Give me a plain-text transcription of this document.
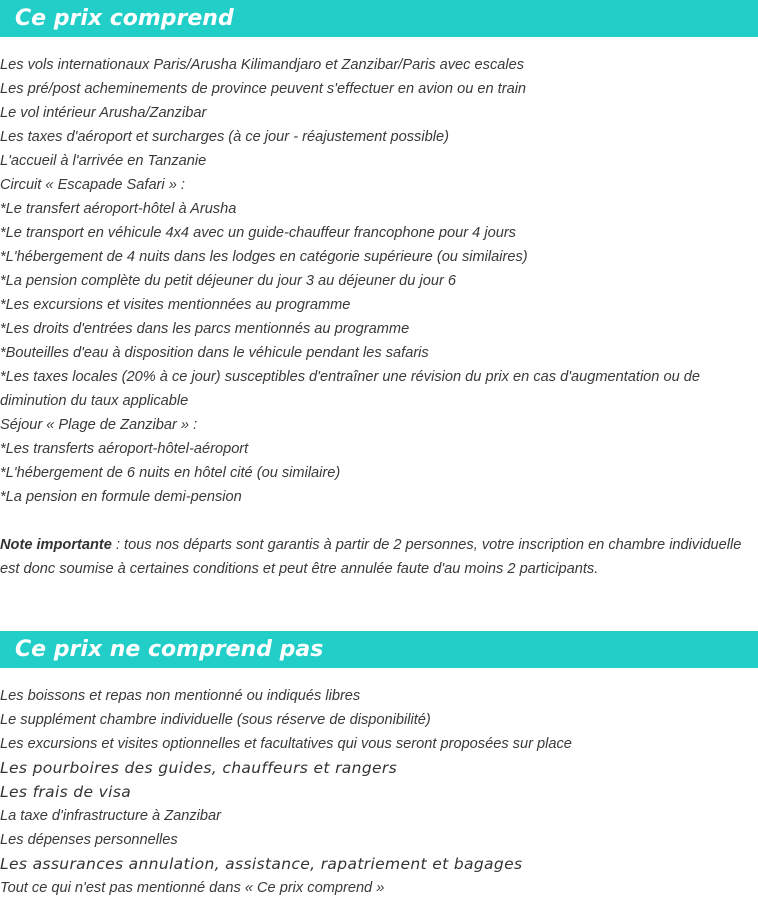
Ce prix comprend
Les vols internationaux Paris/Arusha Kilimandjaro et Zanzibar/Paris avec escales
Les pré/post acheminements de province peuvent s'effectuer en avion ou en train
Le vol intérieur Arusha/Zanzibar
Les taxes d'aéroport et surcharges (à ce jour - réajustement possible)
L'accueil à l'arrivée en Tanzanie
Circuit « Escapade Safari » :
*Le transfert aéroport-hôtel à Arusha
*Le transport en véhicule 4x4 avec un guide-chauffeur francophone pour 4 jours
*L'hébergement de 4 nuits dans les lodges en catégorie supérieure (ou similaires)
*La pension complète du petit déjeuner du jour 3 au déjeuner du jour 6
*Les excursions et visites mentionnées au programme
*Les droits d'entrées dans les parcs mentionnés au programme
*Bouteilles d'eau à disposition dans le véhicule pendant les safaris
*Les taxes locales (20% à ce jour) susceptibles d'entraîner une révision du prix en cas d'augmentation ou de diminution du taux applicable
Séjour « Plage de Zanzibar » :
*Les transferts aéroport-hôtel-aéroport
*L'hébergement de 6 nuits en hôtel cité (ou similaire)
*La pension en formule demi-pension
Note importante : tous nos départs sont garantis à partir de 2 personnes, votre inscription en chambre individuelle est donc soumise à certaines conditions et peut être annulée faute d'au moins 2 participants.
Ce prix ne comprend pas
Les boissons et repas non mentionné ou indiqués libres
Le supplément chambre individuelle (sous réserve de disponibilité)
Les excursions et visites optionnelles et facultatives qui vous seront proposées sur place
Les pourboires des guides, chauffeurs et rangers
Les frais de visa
La taxe d'infrastructure à Zanzibar
Les dépenses personnelles
Les assurances annulation, assistance, rapatriement et bagages
Tout ce qui n'est pas mentionné dans « Ce prix comprend »
